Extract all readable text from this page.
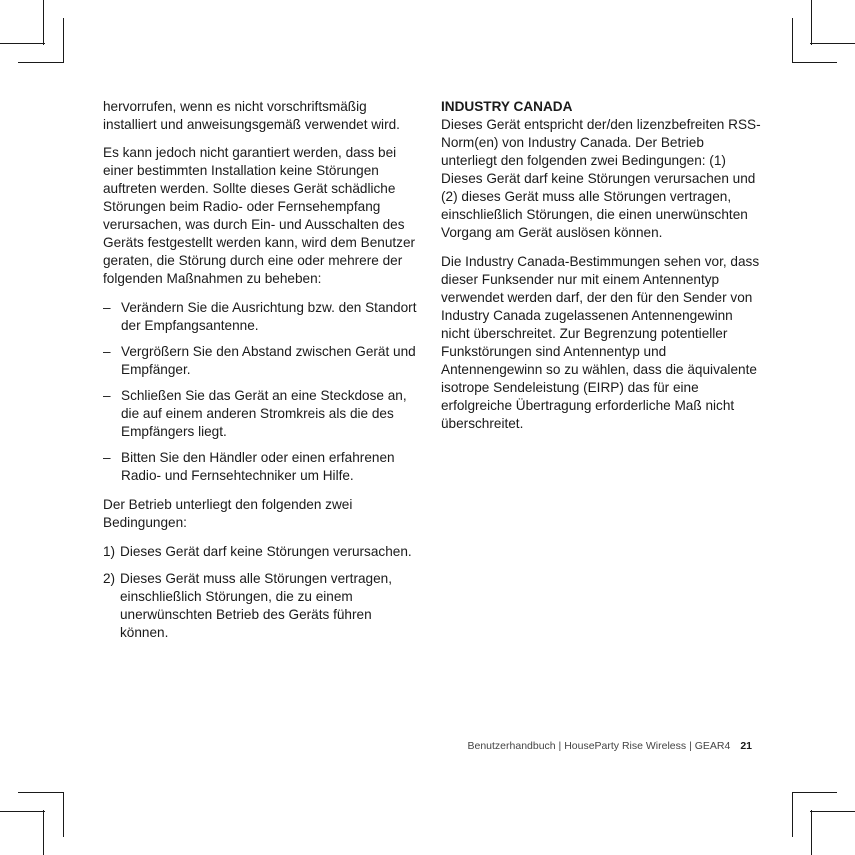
hervorrufen, wenn es nicht vorschriftsmäßig installiert und anweisungsgemäß verwendet wird.

Es kann jedoch nicht garantiert werden, dass bei einer bestimmten Installation keine Störungen auftreten werden. Sollte dieses Gerät schädliche Störungen beim Radio- oder Fernsehempfang verursachen, was durch Ein- und Ausschalten des Geräts festgestellt werden kann, wird dem Benutzer geraten, die Störung durch eine oder mehrere der folgenden Maßnahmen zu beheben:

– Verändern Sie die Ausrichtung bzw. den Standort der Empfangsantenne.
– Vergrößern Sie den Abstand zwischen Gerät und Empfänger.
– Schließen Sie das Gerät an eine Steckdose an, die auf einem anderen Stromkreis als die des Empfängers liegt.
– Bitten Sie den Händler oder einen erfahrenen Radio- und Fernsehtechniker um Hilfe.

Der Betrieb unterliegt den folgenden zwei Bedingungen:

1) Dieses Gerät darf keine Störungen verursachen.
2) Dieses Gerät muss alle Störungen vertragen, einschließlich Störungen, die zu einem unerwünschten Betrieb des Geräts führen können.

INDUSTRY CANADA

Dieses Gerät entspricht der/den lizenzbefreiten RSS-Norm(en) von Industry Canada. Der Betrieb unterliegt den folgenden zwei Bedingungen: (1) Dieses Gerät darf keine Störungen verursachen und (2) dieses Gerät muss alle Störungen vertragen, einschließlich Störungen, die einen unerwünschten Vorgang am Gerät auslösen können.

Die Industry Canada-Bestimmungen sehen vor, dass dieser Funksender nur mit einem Antennentyp verwendet werden darf, der den für den Sender von Industry Canada zugelassenen Antennengewinn nicht überschreitet. Zur Begrenzung potentieller Funkstörungen sind Antennentyp und Antennengewinn so zu wählen, dass die äquivalente isotrope Sendeleistung (EIRP) das für eine erfolgreiche Übertragung erforderliche Maß nicht überschreitet.

Benutzerhandbuch | HouseParty Rise Wireless | GEAR4 21
